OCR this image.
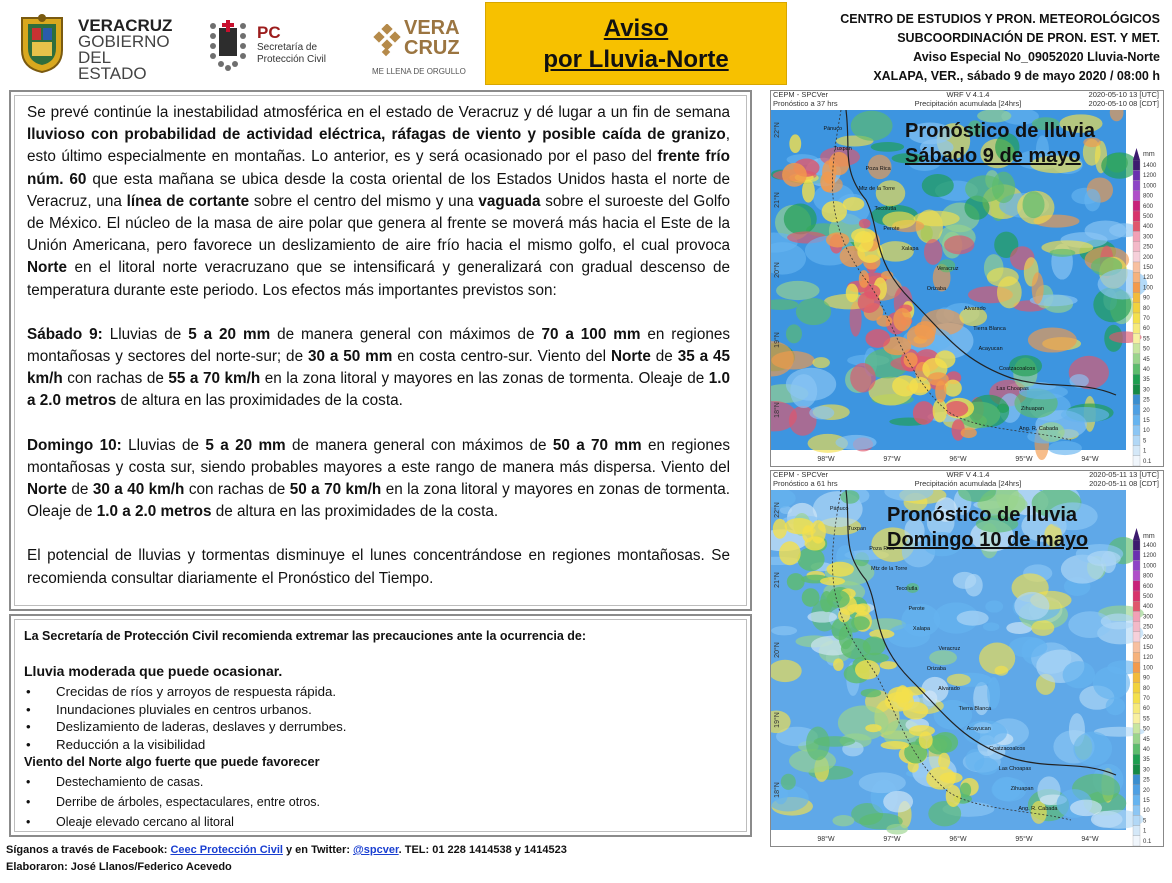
VERACRUZ
GOBIERNO
DEL ESTADO
PC
Secretaría de
Protección Civil
VERA
CRUZ
ME LLENA DE ORGULLO
Aviso
por Lluvia-Norte
CENTRO DE ESTUDIOS Y PRON. METEOROLÓGICOS
SUBCOORDINACIÓN DE PRON. EST. Y MET.
Aviso Especial No_09052020 Lluvia-Norte
XALAPA, VER., sábado 9 de mayo 2020 / 08:00 h

Se prevé continúe la inestabilidad atmosférica en el estado de Veracruz y dé lugar a un fin de semana lluvioso con probabilidad de actividad eléctrica, ráfagas de viento y posible caída de granizo, esto último especialmente en montañas. Lo anterior, es y será ocasionado por el paso del frente frío núm. 60 que esta mañana se ubica desde la costa oriental de los Estados Unidos hasta el norte de Veracruz, una línea de cortante sobre el centro del mismo y una vaguada sobre el suroeste del Golfo de México. El núcleo de la masa de aire polar que genera al frente se moverá más hacia el Este de la Unión Americana, pero favorece un deslizamiento de aire frío hacia el mismo golfo, el cual provoca Norte en el litoral norte veracruzano que se intensificará y generalizará con gradual descenso de temperatura durante este periodo. Los efectos más importantes previstos son:

Sábado 9: Lluvias de 5 a 20 mm de manera general con máximos de 70 a 100 mm en regiones montañosas y sectores del norte-sur; de 30 a 50 mm en costa centro-sur. Viento del Norte de 35 a 45 km/h con rachas de 55 a 70 km/h en la zona litoral y mayores en las zonas de tormenta. Oleaje de 1.0 a 2.0 metros de altura en las proximidades de la costa.

Domingo 10: Lluvias de 5 a 20 mm de manera general con máximos de 50 a 70 mm en regiones montañosas y costa sur, siendo probables mayores a este rango de manera más dispersa. Viento del Norte de 30 a 40 km/h con rachas de 50 a 70 km/h en la zona litoral y mayores en zonas de tormenta. Oleaje de 1.0 a 2.0 metros de altura en las proximidades de la costa.

El potencial de lluvias y tormentas disminuye el lunes concentrándose en regiones montañosas. Se recomienda consultar diariamente el Pronóstico del Tiempo.

La Secretaría de Protección Civil recomienda extremar las precauciones ante la ocurrencia de:
Lluvia moderada que puede ocasionar.
• Crecidas de ríos y arroyos de respuesta rápida.
• Inundaciones pluviales en centros urbanos.
• Deslizamiento de laderas, deslaves y derrumbes.
• Reducción a la visibilidad
Viento del Norte algo fuerte que puede favorecer
• Destechamiento de casas.
• Derribe de árboles, espectaculares, entre otros.
• Oleaje elevado cercano al litoral
Síganos a través de Facebook: Ceec Protección Civil y en Twitter: @spcver. TEL: 01 228 1414538 y 1414523
Elaboraron: José Llanos/Federico Acevedo
CEPM - SPCVer
Pronóstico a 37 hrs
WRF V 4.1.4
Precipitación acumulada [24hrs]
2020-05-10 13 [UTC]
2020-05-10 08 [CDT]
Pánuco
Tuxpan
Poza Rica
Mtz de la Torre
Tecolutla
Perote
Xalapa
Veracruz
Orizaba
Alvarado
Tierra Blanca
Acayucan
Coatzacoalcos
Las Choapas
Zihuapan
Ang. R. Cabada
98°W	97°W	96°W	95°W	94°W
22°N
21°N
20°N
19°N
18°N
1400
1200
1000
800
600
500
400
300
250
200
150
120
100
90
80
70
60
55
50
45
40
35
30
25
20
15
10
5
1
0.1
Pronóstico de lluvia
Sábado 9 de mayo	mm
CEPM - SPCVer
Pronóstico a 61 hrs
WRF V 4.1.4
Precipitación acumulada [24hrs]
2020-05-11 13 [UTC]
2020-05-11 08 [CDT]
Pánuco
Tuxpan
Poza Rica
Mtz de la Torre
Tecolutla
Perote
Xalapa
Veracruz
Orizaba
Alvarado
Tierra Blanca
Acayucan
Coatzacoalcos
Las Choapas
Zihuapan
Ang. R. Cabada
98°W	97°W	96°W	95°W	94°W
22°N
21°N
20°N
19°N
18°N
1400
1200
1000
800
600
500
400
300
250
200
150
120
100
90
80
70
60
55
50
45
40
35
30
25
20
15
10
5
1
0.1
Pronóstico de lluvia
Domingo 10 de mayo	mm
